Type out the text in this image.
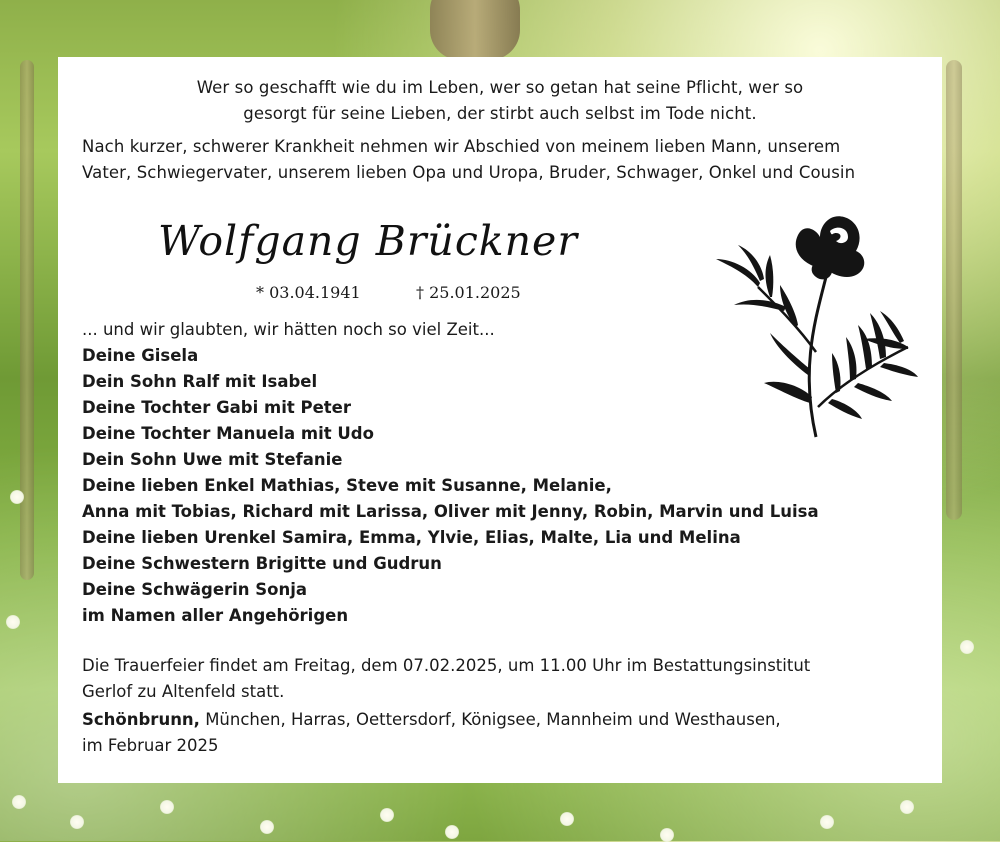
Wer so geschafft wie du im Leben, wer so getan hat seine Pflicht, wer so
gesorgt für seine Lieben, der stirbt auch selbst im Tode nicht.
Nach kurzer, schwerer Krankheit nehmen wir Abschied von meinem lieben Mann, unserem
Vater, Schwiegervater, unserem lieben Opa und Uropa, Bruder, Schwager, Onkel und Cousin
Wolfgang Brückner
* 03.04.1941	† 25.01.2025
... und wir glaubten, wir hätten noch so viel Zeit...
Deine Gisela
Dein Sohn Ralf mit Isabel
Deine Tochter Gabi mit Peter
Deine Tochter Manuela mit Udo
Dein Sohn Uwe mit Stefanie
Deine lieben Enkel Mathias, Steve mit Susanne, Melanie,
Anna mit Tobias, Richard mit Larissa, Oliver mit Jenny, Robin, Marvin und Luisa
Deine lieben Urenkel Samira, Emma, Ylvie, Elias, Malte, Lia und Melina
Deine Schwestern Brigitte und Gudrun
Deine Schwägerin Sonja
im Namen aller Angehörigen
Die Trauerfeier findet am Freitag, dem 07.02.2025, um 11.00 Uhr im Bestattungsinstitut
Gerlof zu Altenfeld statt.
Schönbrunn, München, Harras, Oettersdorf, Königsee, Mannheim und Westhausen,
im Februar 2025
